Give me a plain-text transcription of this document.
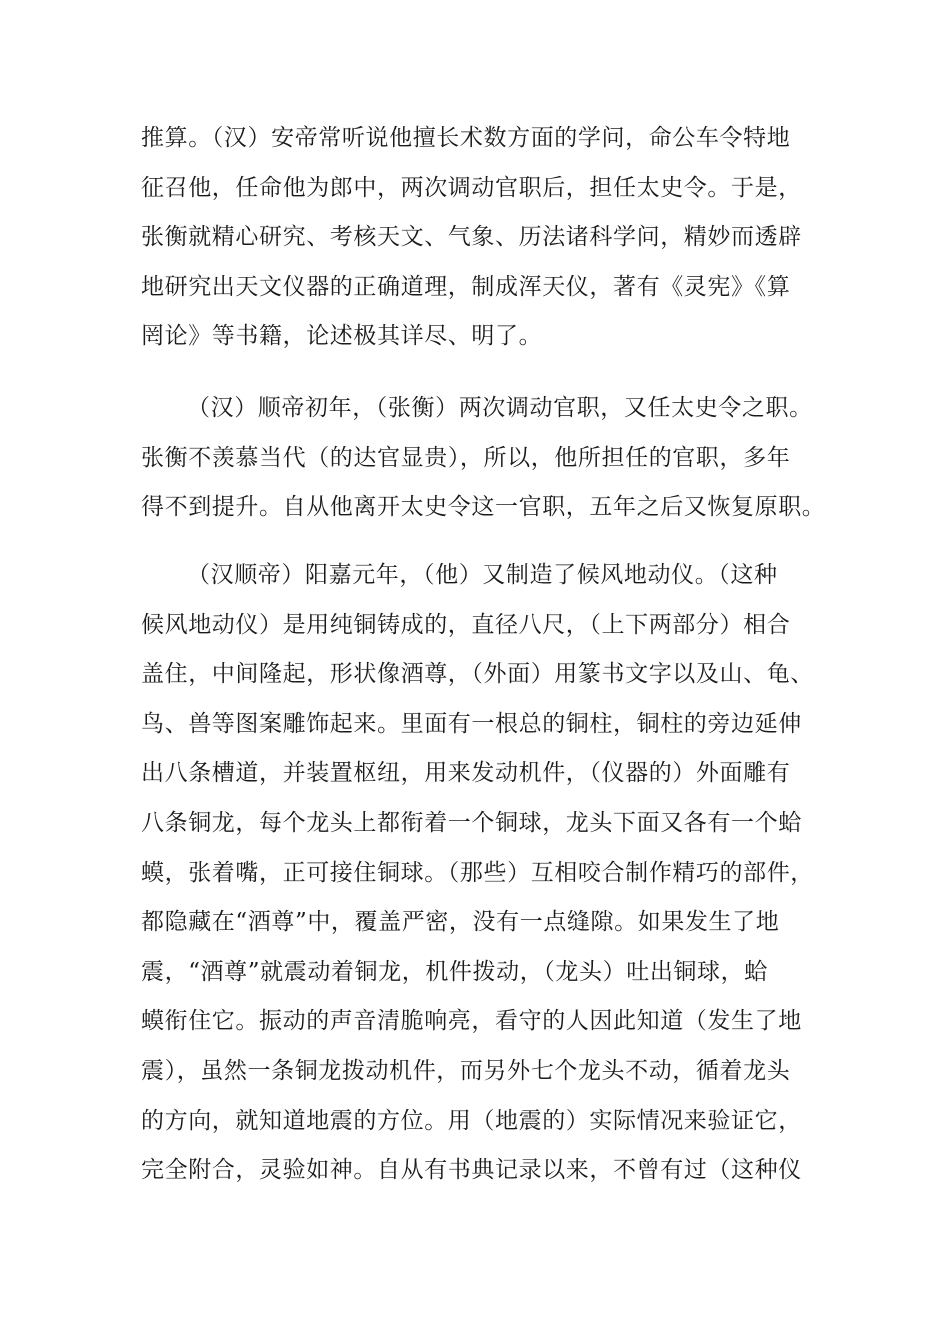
推算。（汉）安帝常听说他擅长术数方面的学问，命公车令特地
征召他，任命他为郎中，两次调动官职后，担任太史令。于是，
张衡就精心研究、考核天文、气象、历法诸科学问，精妙而透辟
地研究出天文仪器的正确道理，制成浑天仪，著有《灵宪》《算
罔论》等书籍，论述极其详尽、明了。

（汉）顺帝初年，（张衡）两次调动官职，又任太史令之职。
张衡不羡慕当代（的达官显贵），所以，他所担任的官职，多年
得不到提升。自从他离开太史令这一官职，五年之后又恢复原职。

（汉顺帝）阳嘉元年，（他）又制造了候风地动仪。（这种
候风地动仪）是用纯铜铸成的，直径八尺，（上下两部分）相合
盖住，中间隆起，形状像酒尊，（外面）用篆书文字以及山、龟、
鸟、兽等图案雕饰起来。里面有一根总的铜柱，铜柱的旁边延伸
出八条槽道，并装置枢纽，用来发动机件，（仪器的）外面雕有
八条铜龙，每个龙头上都衔着一个铜球，龙头下面又各有一个蛤
蟆，张着嘴，正可接住铜球。（那些）互相咬合制作精巧的部件，
都隐藏在“酒尊”中，覆盖严密，没有一点缝隙。如果发生了地
震，“酒尊”就震动着铜龙，机件拨动，（龙头）吐出铜球，蛤
蟆衔住它。振动的声音清脆响亮，看守的人因此知道（发生了地
震），虽然一条铜龙拨动机件，而另外七个龙头不动，循着龙头
的方向，就知道地震的方位。用（地震的）实际情况来验证它，
完全附合，灵验如神。自从有书典记录以来，不曾有过（这种仪
